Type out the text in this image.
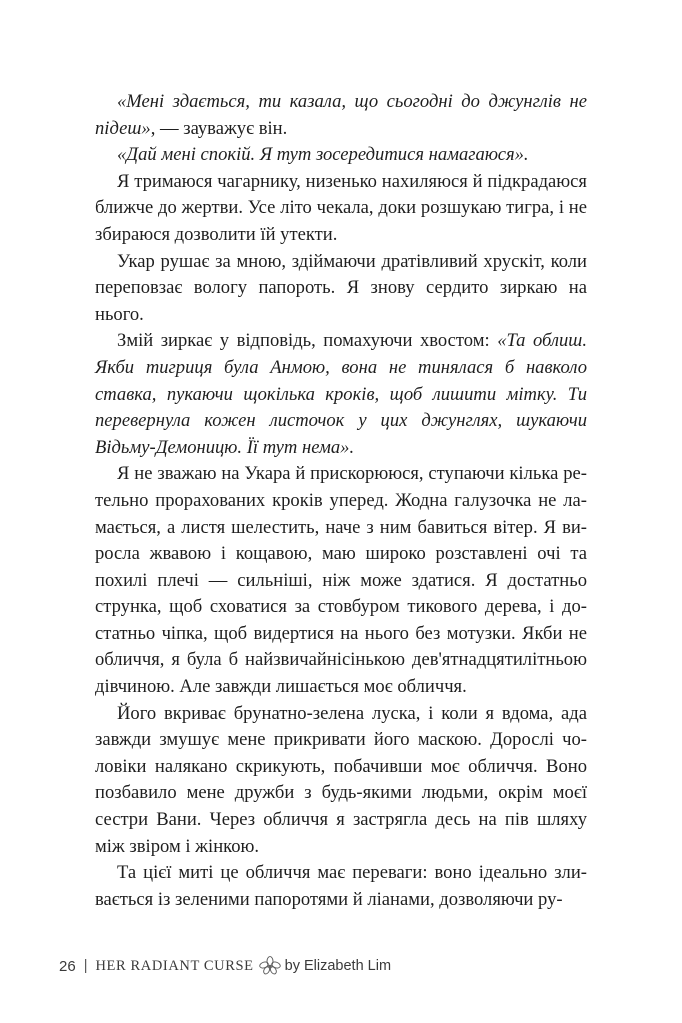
«Мені здається, ти казала, що сьогодні до джунглів не підеш», — зауважує він.

«Дай мені спокій. Я тут зосередитися намагаюся».

Я тримаюся чагарнику, низенько нахиляюся й підкрадаюся ближче до жертви. Усе літо чекала, доки розшукаю тигра, і не збираюся дозволити їй утекти.

Укар рушає за мною, здіймаючи дратівливий хрускіт, коли переповзає вологу папороть. Я знову сердито зиркаю на нього.

Змій зиркає у відповідь, помахуючи хвостом: «Та облиш. Якби тигриця була Анмою, вона не тинялася б навколо ставка, пукаючи щокілька кроків, щоб лишити мітку. Ти перевернула кожен листочок у цих джунглях, шукаючи Відьму-Демоницю. Її тут нема».

Я не зважаю на Укара й прискорююся, ступаючи кілька ретельно прорахованих кроків уперед. Жодна галузочка не ламається, а листя шелестить, наче з ним бавиться вітер. Я виросла жвавою і кощавою, маю широко розставлені очі та похилі плечі — сильніші, ніж може здатися. Я достатньо струнка, щоб сховатися за стовбуром тикового дерева, і достатньо чіпка, щоб видертися на нього без мотузки. Якби не обличчя, я була б найзвичайнісінькою дев'ятнадцятилітньою дівчиною. Але завжди лишається моє обличчя.

Його вкриває брунатно-зелена луска, і коли я вдома, ада завжди змушує мене прикривати його маскою. Дорослі чоловіки налякано скрикують, побачивши моє обличчя. Воно позбавило мене дружби з будь-якими людьми, окрім моєї сестри Вани. Через обличчя я застрягла десь на пів шляху між звіром і жінкою.

Та цієї миті це обличчя має переваги: воно ідеально зливається із зеленими папоротями й ліанами, дозволяючи ру-

26 | HER RADIANT CURSE by Elizabeth Lim
